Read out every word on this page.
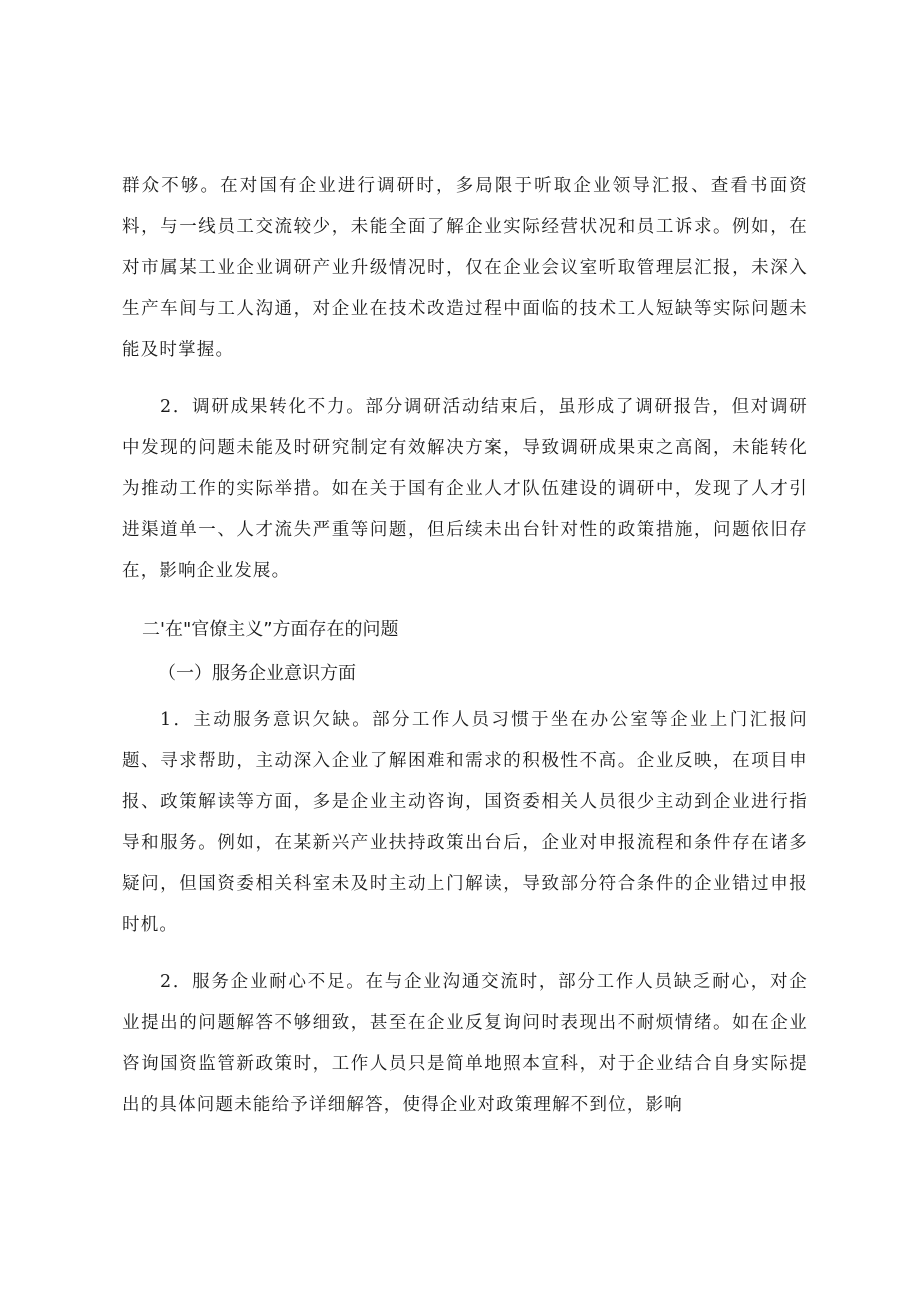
群众不够。在对国有企业进行调研时，多局限于听取企业领导汇报、查看书面资料，与一线员工交流较少，未能全面了解企业实际经营状况和员工诉求。例如，在对市属某工业企业调研产业升级情况时，仅在企业会议室听取管理层汇报，未深入生产车间与工人沟通，对企业在技术改造过程中面临的技术工人短缺等实际问题未能及时掌握。

2．调研成果转化不力。部分调研活动结束后，虽形成了调研报告，但对调研中发现的问题未能及时研究制定有效解决方案，导致调研成果束之高阁，未能转化为推动工作的实际举措。如在关于国有企业人才队伍建设的调研中，发现了人才引进渠道单一、人才流失严重等问题，但后续未出台针对性的政策措施，问题依旧存在，影响企业发展。

二'在"官僚主义”方面存在的问题
（一）服务企业意识方面

1．主动服务意识欠缺。部分工作人员习惯于坐在办公室等企业上门汇报问题、寻求帮助，主动深入企业了解困难和需求的积极性不高。企业反映，在项目申报、政策解读等方面，多是企业主动咨询，国资委相关人员很少主动到企业进行指导和服务。例如，在某新兴产业扶持政策出台后，企业对申报流程和条件存在诸多疑问，但国资委相关科室未及时主动上门解读，导致部分符合条件的企业错过申报时机。

2．服务企业耐心不足。在与企业沟通交流时，部分工作人员缺乏耐心，对企业提出的问题解答不够细致，甚至在企业反复询问时表现出不耐烦情绪。如在企业咨询国资监管新政策时，工作人员只是简单地照本宣科，对于企业结合自身实际提出的具体问题未能给予详细解答，使得企业对政策理解不到位，影响
